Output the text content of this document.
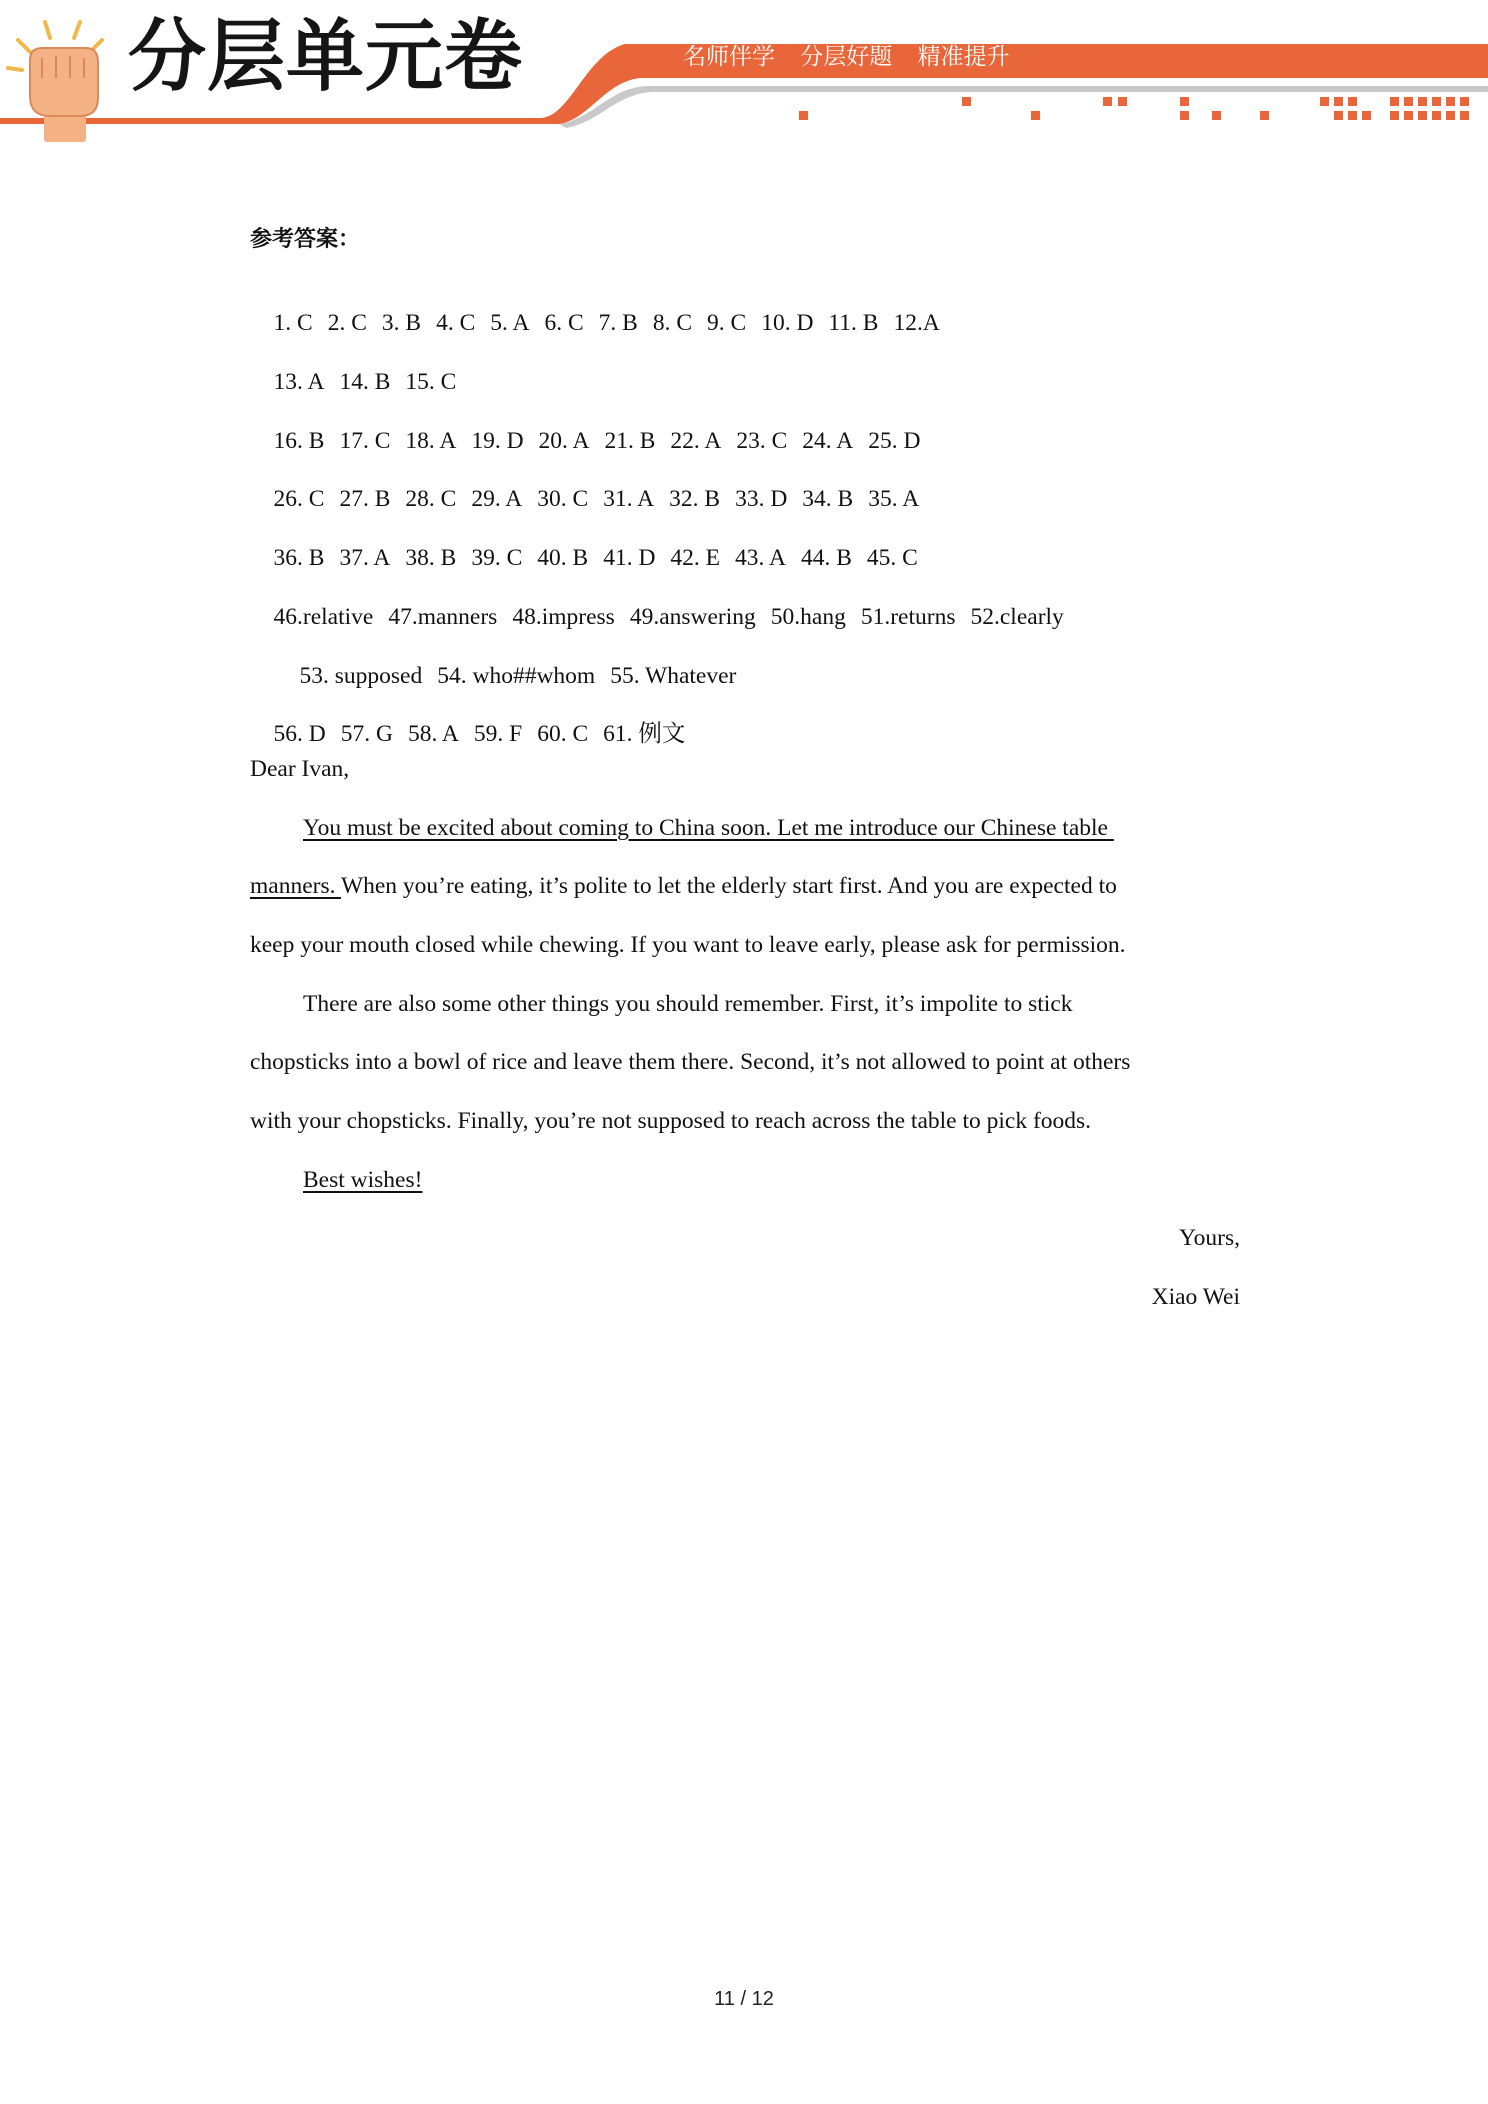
分层单元卷	名师伴学 分层好题 精准提升
参考答案：

1. C 2. C 3. B 4. C 5. A 6. C 7. B 8. C 9. C 10. D 11. B 12.A

13. A 14. B 15. C

16. B 17. C 18. A 19. D 20. A 21. B 22. A 23. C 24. A 25. D

26. C 27. B 28. C 29. A 30. C 31. A 32. B 33. D 34. B 35. A

36. B 37. A 38. B 39. C 40. B 41. D 42. E 43. A 44. B 45. C

46.relative 47.manners 48.impress 49.answering 50.hang 51.returns 52.clearly

53. supposed 54. who##whom 55. Whatever

56. D 57. G 58. A 59. F 60. C 61. 例文

Dear Ivan,
You must be excited about coming to China soon. Let me introduce our Chinese table
manners. When you’re eating, it’s polite to let the elderly start first. And you are expected to
keep your mouth closed while chewing. If you want to leave early, please ask for permission.
There are also some other things you should remember. First, it’s impolite to stick
chopsticks into a bowl of rice and leave them there. Second, it’s not allowed to point at others
with your chopsticks. Finally, you’re not supposed to reach across the table to pick foods.
Best wishes!
Yours,
Xiao Wei
11 / 12
